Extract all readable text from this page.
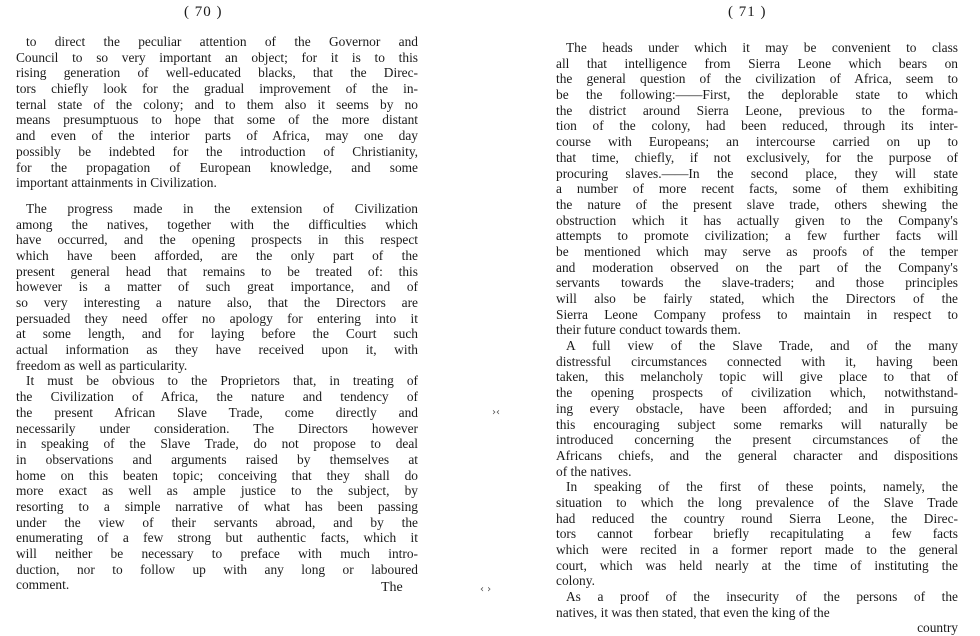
( 70 )
to direct the peculiar attention of the Governor and
Council to so very important an object; for it is to this
rising generation of well-educated blacks, that the Direc-
tors chiefly look for the gradual improvement of the in-
ternal state of the colony; and to them also it seems by no
means presumptuous to hope that some of the more distant
and even of the interior parts of Africa, may one day
possibly be indebted for the introduction of Christianity,
for the propagation of European knowledge, and some
important attainments in Civilization.
The progress made in the extension of Civilization
among the natives, together with the difficulties which
have occurred, and the opening prospects in this respect
which have been afforded, are the only part of the
present general head that remains to be treated of: this
however is a matter of such great importance, and of
so very interesting a nature also, that the Directors are
persuaded they need offer no apology for entering into it
at some length, and for laying before the Court such
actual information as they have received upon it, with
freedom as well as particularity.
It must be obvious to the Proprietors that, in treating of
the Civilization of Africa, the nature and tendency of
the present African Slave Trade, come directly and
necessarily under consideration. The Directors however
in speaking of the Slave Trade, do not propose to deal
in observations and arguments raised by themselves at
home on this beaten topic; conceiving that they shall do
more exact as well as ample justice to the subject, by
resorting to a simple narrative of what has been passing
under the view of their servants abroad, and by the
enumerating of a few strong but authentic facts, which it
will neither be necessary to preface with much intro-
duction, nor to follow up with any long or laboured
comment.	The
( 71 )
The heads under which it may be convenient to class
all that intelligence from Sierra Leone which bears on
the general question of the civilization of Africa, seem to
be the following:——First, the deplorable state to which
the district around Sierra Leone, previous to the forma-
tion of the colony, had been reduced, through its inter-
course with Europeans; an intercourse carried on up to
that time, chiefly, if not exclusively, for the purpose of
procuring slaves.——In the second place, they will state
a number of more recent facts, some of them exhibiting
the nature of the present slave trade, others shewing the
obstruction which it has actually given to the Company's
attempts to promote civilization; a few further facts will
be mentioned which may serve as proofs of the temper
and moderation observed on the part of the Company's
servants towards the slave-traders; and those principles
will also be fairly stated, which the Directors of the
Sierra Leone Company profess to maintain in respect to
their future conduct towards them.
A full view of the Slave Trade, and of the many
distressful circumstances connected with it, having been
taken, this melancholy topic will give place to that of
the opening prospects of civilization which, notwithstand-
ing every obstacle, have been afforded; and in pursuing
this encouraging subject some remarks will naturally be
introduced concerning the present circumstances of the
Africans chiefs, and the general character and dispositions
of the natives.
In speaking of the first of these points, namely, the
situation to which the long prevalence of the Slave Trade
had reduced the country round Sierra Leone, the Direc-
tors cannot forbear briefly recapitulating a few facts
which were recited in a former report made to the general
court, which was held nearly at the time of instituting the
colony.
As a proof of the insecurity of the persons of the
natives, it was then stated, that even the king of the
country
›‹
‹ ›
